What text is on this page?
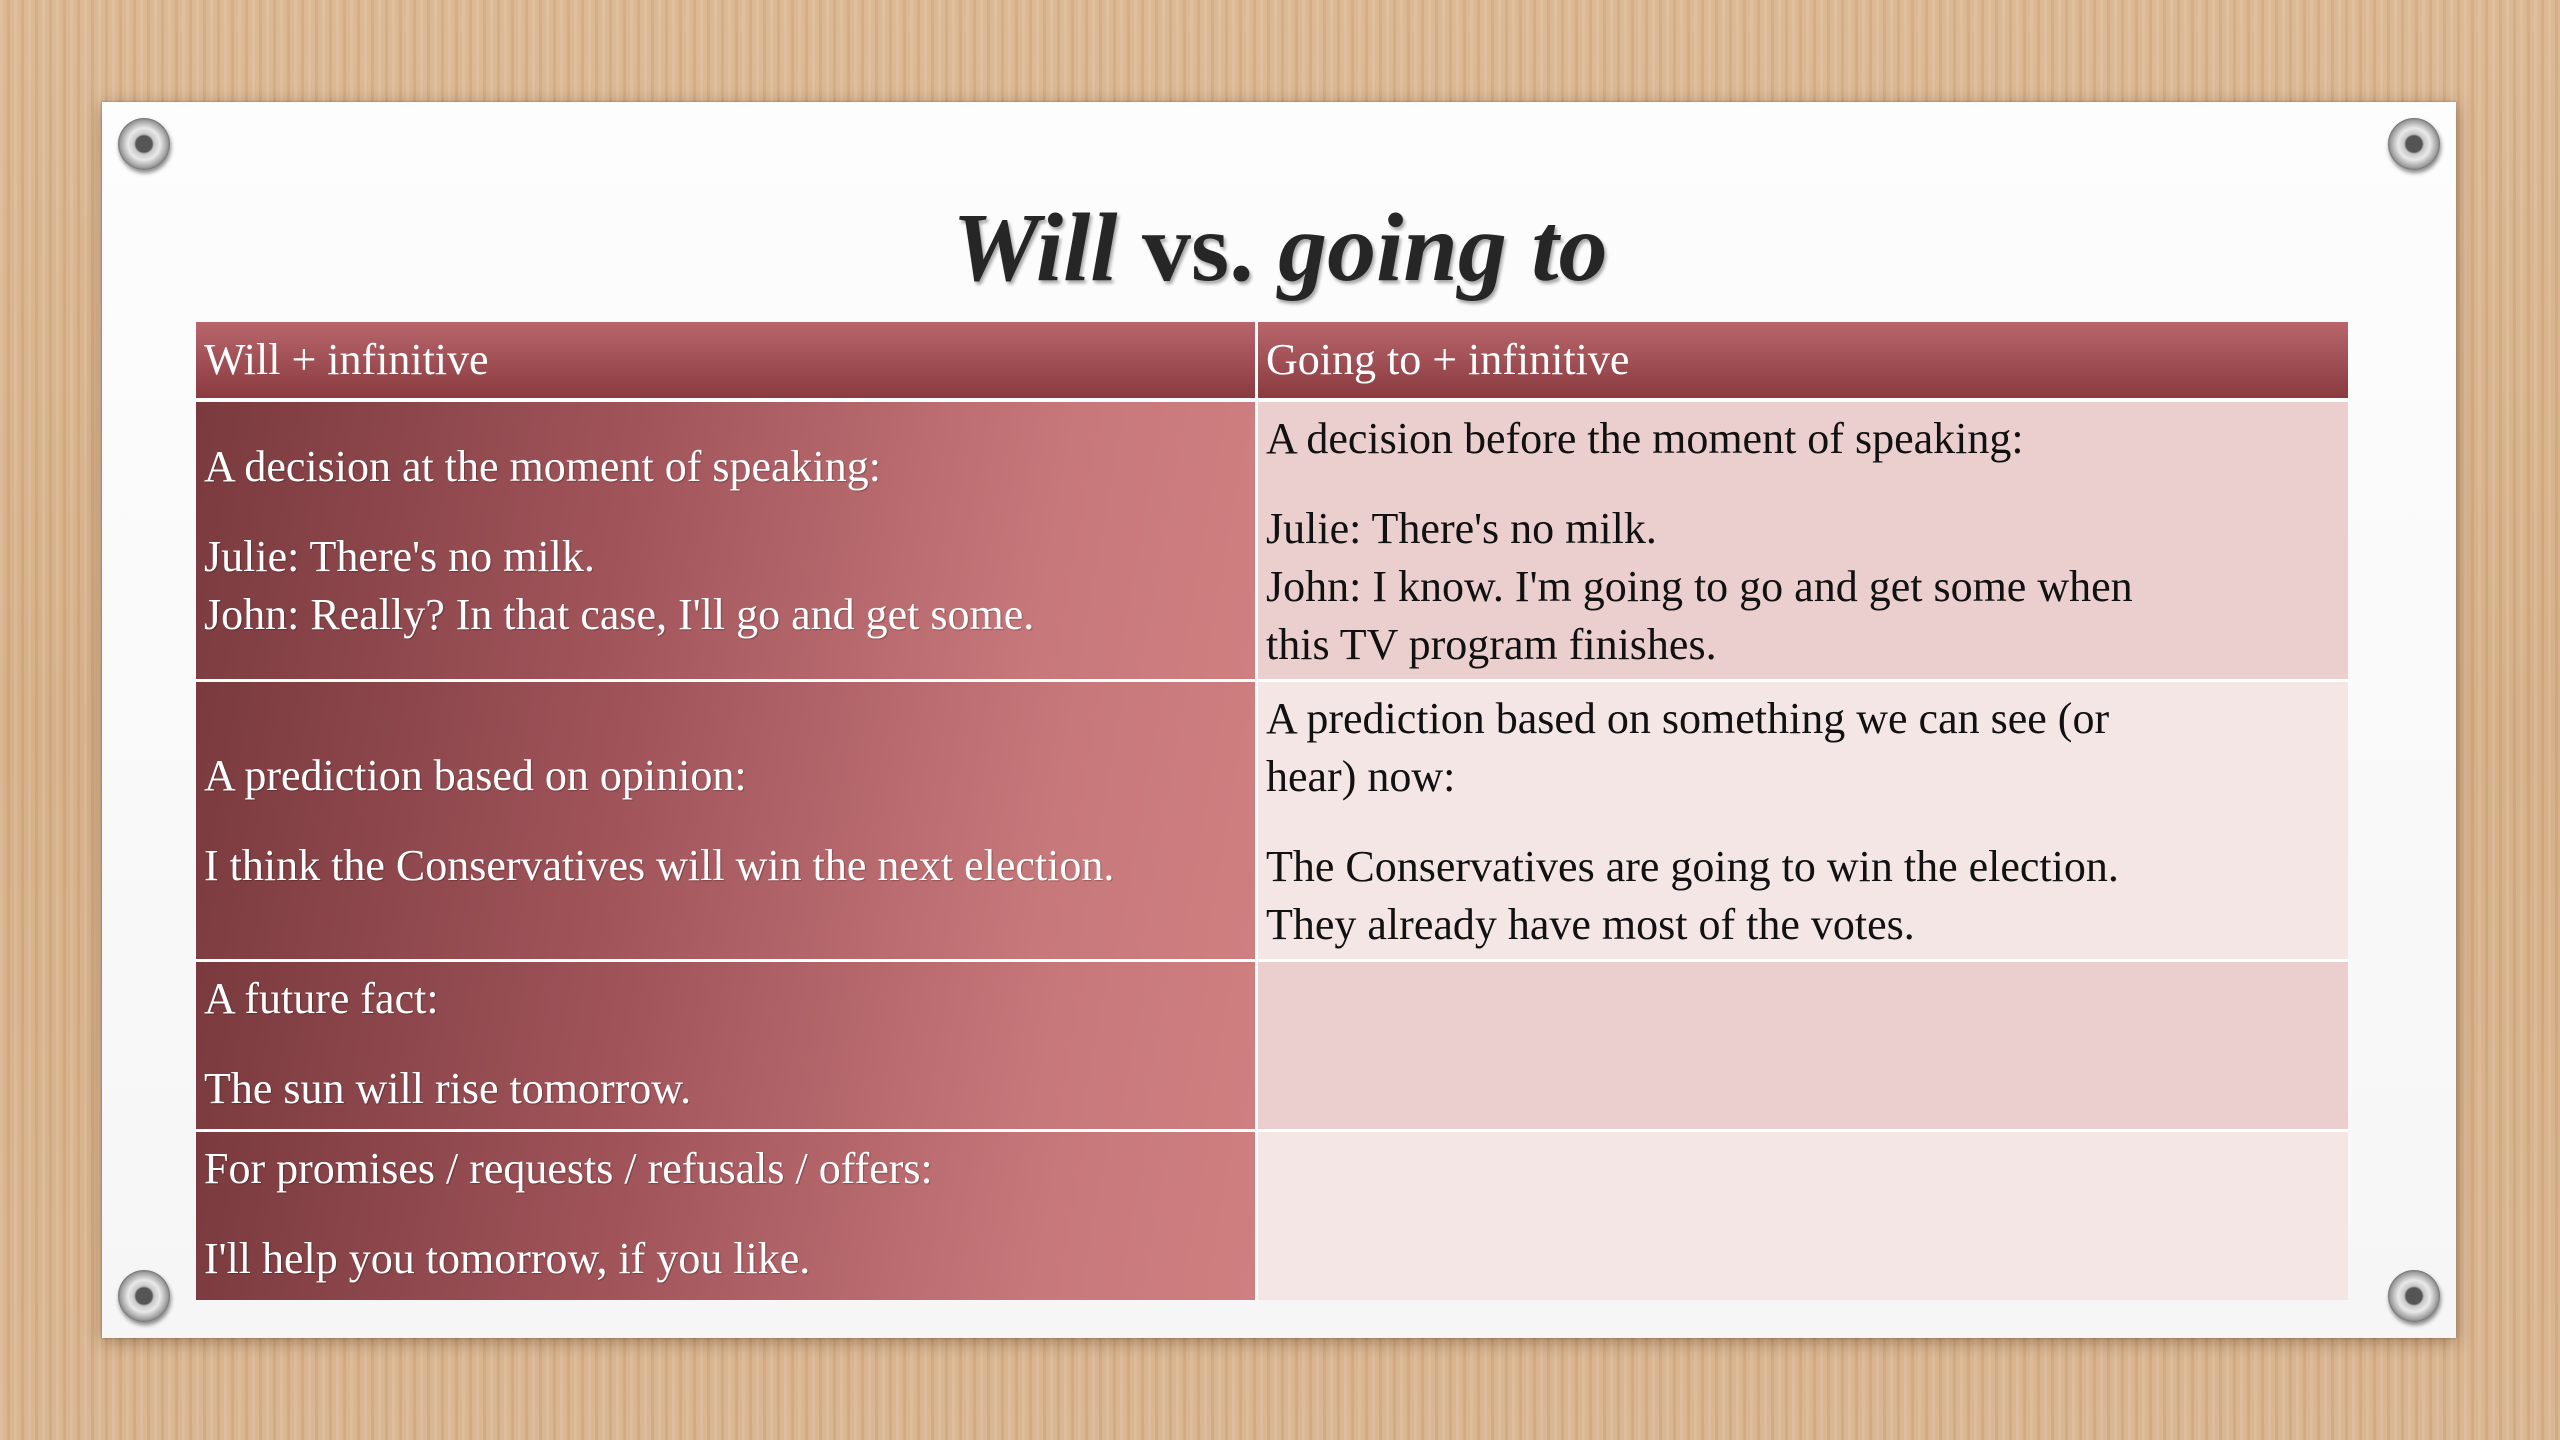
Will vs. going to
Will + infinitive	Going to + infinitive
A decision at the moment of speaking:
Julie: There's no milk.
John: Really? In that case, I'll go and get some.
A decision before the moment of speaking:
Julie: There's no milk.
John: I know. I'm going to go and get some when
this TV program finishes.
A prediction based on opinion:
I think the Conservatives will win the next election.
A prediction based on something we can see (or
hear) now:
The Conservatives are going to win the election.
They already have most of the votes.
A future fact:
The sun will rise tomorrow.
For promises / requests / refusals / offers:
I'll help you tomorrow, if you like.
